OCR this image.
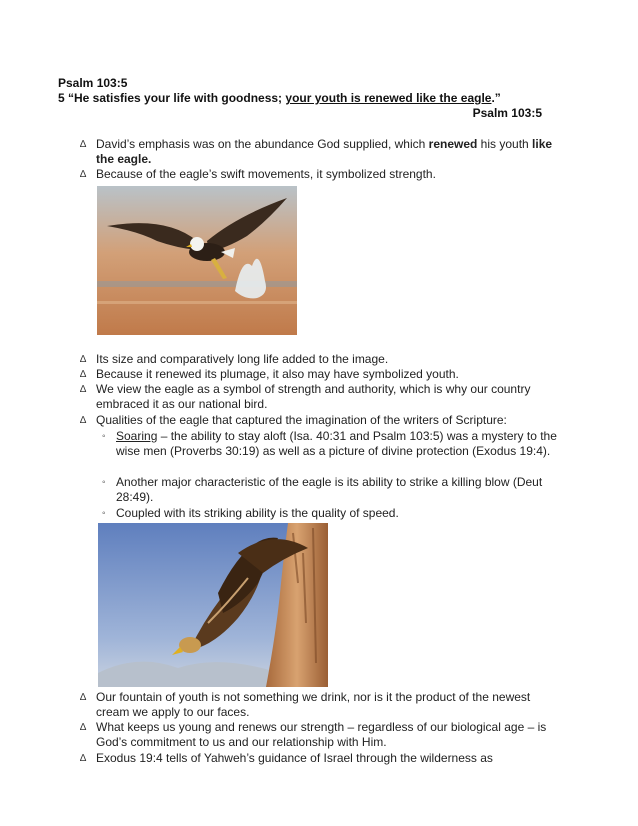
Psalm 103:5
5 “He satisfies your life with goodness; your youth is renewed like the eagle.”
Psalm 103:5
∆ David’s emphasis was on the abundance God supplied, which renewed his youth like the eagle.
∆ Because of the eagle’s swift movements, it symbolized strength.
∆ Its size and comparatively long life added to the image.
∆ Because it renewed its plumage, it also may have symbolized youth.
∆ We view the eagle as a symbol of strength and authority, which is why our country embraced it as our national bird.
∆ Qualities of the eagle that captured the imagination of the writers of Scripture:
◦ Soaring – the ability to stay aloft (Isa. 40:31 and Psalm 103:5) was a mystery to the wise men (Proverbs 30:19) as well as a picture of divine protection (Exodus 19:4).
◦ Another major characteristic of the eagle is its ability to strike a killing blow (Deut 28:49).
◦ Coupled with its striking ability is the quality of speed.
∆ Our fountain of youth is not something we drink, nor is it the product of the newest cream we apply to our faces.
∆ What keeps us young and renews our strength – regardless of our biological age – is God’s commitment to us and our relationship with Him.
∆ Exodus 19:4 tells of Yahweh’s guidance of Israel through the wilderness as
